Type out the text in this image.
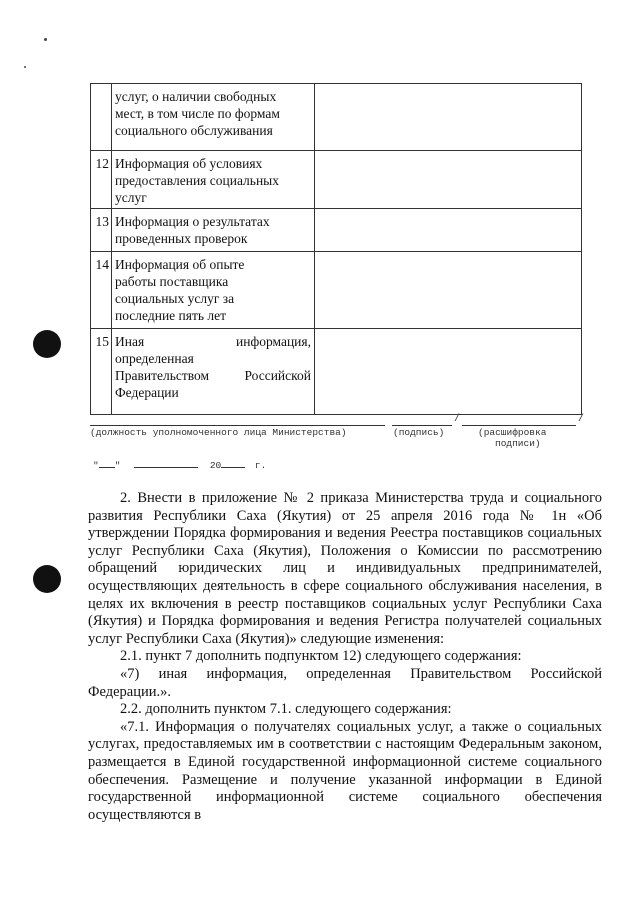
	услуг, о наличии свободных
мест, в том числе по формам
социального обслуживания	

12	Информация об условиях
предоставления социальных
услуг	

13	Информация о результатах
проведенных проверок	

14	Информация об опыте
работы поставщика
социальных услуг за
последние пять лет	

15	Иная информация,
определенная
Правительством Российской
Федерации	

/	/
(должность уполномоченного лица Министерства)	(подпись)	(расшифровка
подписи)
" "	20	г.

2. Внести в приложение № 2 приказа Министерства труда и социального развития Республики Саха (Якутия) от 25 апреля 2016 года № 1н «Об утверждении Порядка формирования и ведения Реестра поставщиков социальных услуг Республики Саха (Якутия), Положения о Комиссии по рассмотрению обращений юридических лиц и индивидуальных предпринимателей, осуществляющих деятельность в сфере социального обслуживания населения, в целях их включения в реестр поставщиков социальных услуг Республики Саха (Якутия) и Порядка формирования и ведения Регистра получателей социальных услуг Республики Саха (Якутия)» следующие изменения:

2.1. пункт 7 дополнить подпунктом 12) следующего содержания:

«7) иная информация, определенная Правительством Российской Федерации.».

2.2. дополнить пунктом 7.1. следующего содержания:

«7.1. Информация о получателях социальных услуг, а также о социальных услугах, предоставляемых им в соответствии с настоящим Федеральным законом, размещается в Единой государственной информационной системе социального обеспечения. Размещение и получение указанной информации в Единой государственной информационной системе социального обеспечения осуществляются в
